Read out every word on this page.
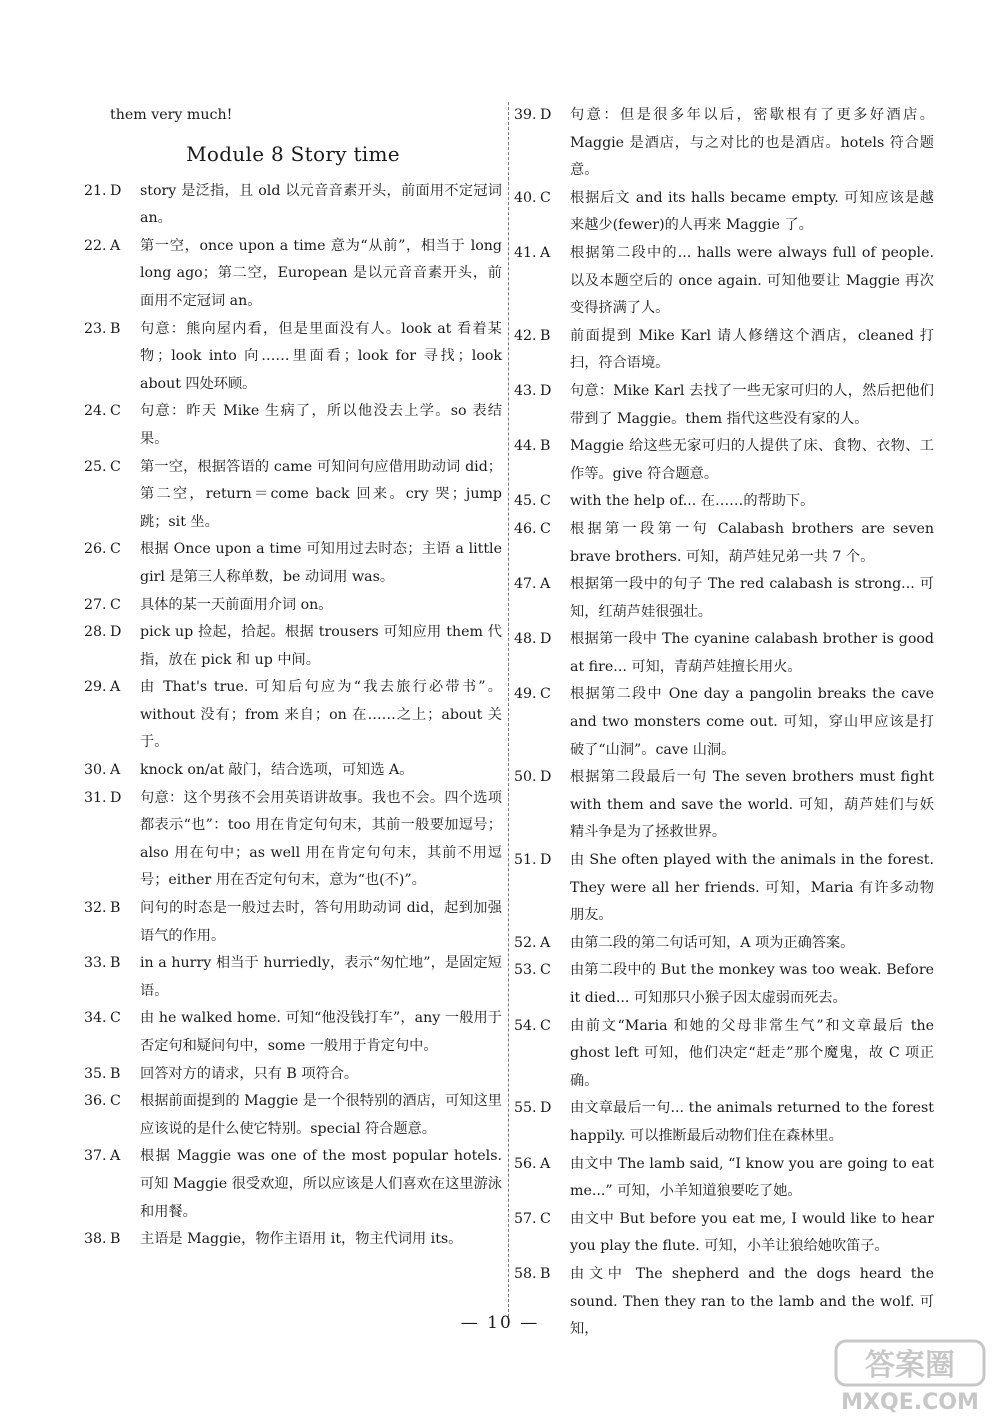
them very much!
Module 8 Story time
21. D	story 是泛指，且 old 以元音音素开头，前面用不定冠词 an。
22. A	第一空，once upon a time 意为“从前”，相当于 long long ago；第二空，European 是以元音音素开头，前面用不定冠词 an。
23. B	句意：熊向屋内看，但是里面没有人。look at 看着某物；look into 向……里面看；look for 寻找；look about 四处环顾。
24. C	句意：昨天 Mike 生病了，所以他没去上学。so 表结果。
25. C	第一空，根据答语的 came 可知问句应借用助动词 did；第二空，return＝come back 回来。cry 哭；jump 跳；sit 坐。
26. C	根据 Once upon a time 可知用过去时态；主语 a little girl 是第三人称单数，be 动词用 was。
27. C	具体的某一天前面用介词 on。
28. D	pick up 捡起，拾起。根据 trousers 可知应用 them 代指，放在 pick 和 up 中间。
29. A	由 That's true. 可知后句应为“我去旅行必带书”。without 没有；from 来自；on 在……之上；about 关于。
30. A	knock on/at 敲门，结合选项，可知选 A。
31. D	句意：这个男孩不会用英语讲故事。我也不会。四个选项都表示“也”：too 用在肯定句句末，其前一般要加逗号；also 用在句中；as well 用在肯定句句末，其前不用逗号；either 用在否定句句末，意为“也(不)”。
32. B	问句的时态是一般过去时，答句用助动词 did，起到加强语气的作用。
33. B	in a hurry 相当于 hurriedly，表示“匆忙地”，是固定短语。
34. C	由 he walked home. 可知“他没钱打车”，any 一般用于否定句和疑问句中，some 一般用于肯定句中。
35. B	回答对方的请求，只有 B 项符合。
36. C	根据前面提到的 Maggie 是一个很特别的酒店，可知这里应该说的是什么使它特别。special 符合题意。
37. A	根据 Maggie was one of the most popular hotels. 可知 Maggie 很受欢迎，所以应该是人们喜欢在这里游泳和用餐。
38. B	主语是 Maggie，物作主语用 it，物主代词用 its。
39. D	句意：但是很多年以后，密歇根有了更多好酒店。Maggie 是酒店，与之对比的也是酒店。hotels 符合题意。
40. C	根据后文 and its halls became empty. 可知应该是越来越少(fewer)的人再来 Maggie 了。
41. A	根据第二段中的... halls were always full of people. 以及本题空后的 once again. 可知他要让 Maggie 再次变得挤满了人。
42. B	前面提到 Mike Karl 请人修缮这个酒店，cleaned 打扫，符合语境。
43. D	句意：Mike Karl 去找了一些无家可归的人，然后把他们带到了 Maggie。them 指代这些没有家的人。
44. B	Maggie 给这些无家可归的人提供了床、食物、衣物、工作等。give 符合题意。
45. C	with the help of... 在……的帮助下。
46. C	根据第一段第一句 Calabash brothers are seven brave brothers. 可知，葫芦娃兄弟一共 7 个。
47. A	根据第一段中的句子 The red calabash is strong... 可知，红葫芦娃很强壮。
48. D	根据第一段中 The cyanine calabash brother is good at fire... 可知，青葫芦娃擅长用火。
49. C	根据第二段中 One day a pangolin breaks the cave and two monsters come out. 可知，穿山甲应该是打破了“山洞”。cave 山洞。
50. D	根据第二段最后一句 The seven brothers must fight with them and save the world. 可知，葫芦娃们与妖精斗争是为了拯救世界。
51. D	由 She often played with the animals in the forest. They were all her friends. 可知，Maria 有许多动物朋友。
52. A	由第二段的第二句话可知，A 项为正确答案。
53. C	由第二段中的 But the monkey was too weak. Before it died... 可知那只小猴子因太虚弱而死去。
54. C	由前文“Maria 和她的父母非常生气”和文章最后 the ghost left 可知，他们决定“赶走”那个魔鬼，故 C 项正确。
55. D	由文章最后一句... the animals returned to the forest happily. 可以推断最后动物们住在森林里。
56. A	由文中 The lamb said, “I know you are going to eat me...” 可知，小羊知道狼要吃了她。
57. C	由文中 But before you eat me, I would like to hear you play the flute. 可知，小羊让狼给她吹笛子。
58. B	由文中 The shepherd and the dogs heard the sound. Then they ran to the lamb and the wolf. 可知，
— 10 —
答案圈
MXQE.COM
